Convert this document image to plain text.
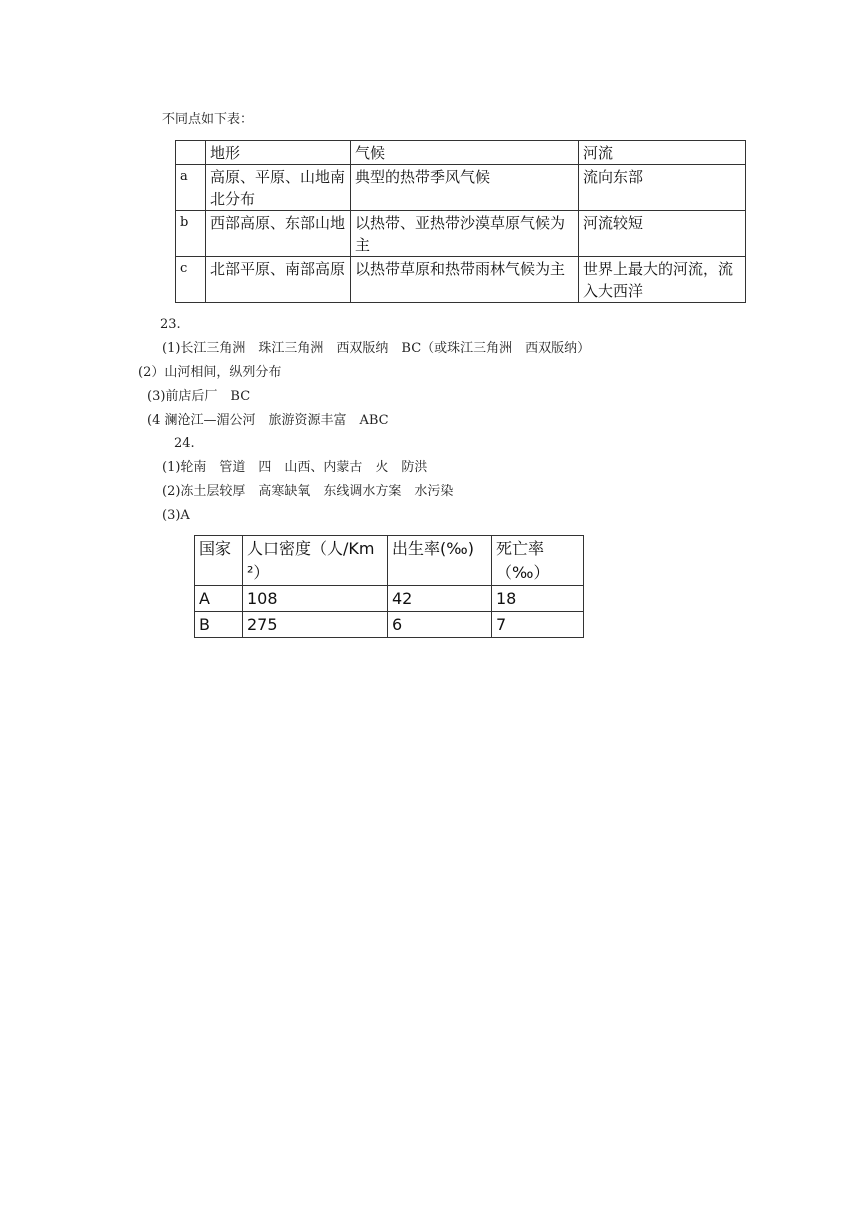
不同点如下表：
	地形	气候	河流
a	高原、平原、山地南北分布	典型的热带季风气候	流向东部
b	西部高原、东部山地	以热带、亚热带沙漠草原气候为主	河流较短
c	北部平原、南部高原	以热带草原和热带雨林气候为主	世界上最大的河流，流入大西洋
23.
(1)长江三角洲　珠江三角洲　西双版纳　BC（或珠江三角洲　西双版纳）
(2）山河相间，纵列分布
(3)前店后厂　BC
(4 澜沧江—湄公河　旅游资源丰富　ABC
24.
(1)轮南　管道　四　山西、内蒙古　火　防洪
(2)冻土层较厚　高寒缺氧　东线调水方案　水污染
(3)A
国家	人口密度（人/Km²）	出生率(‰)	死亡率（‰）
A	108	42	18
B	275	6	7
